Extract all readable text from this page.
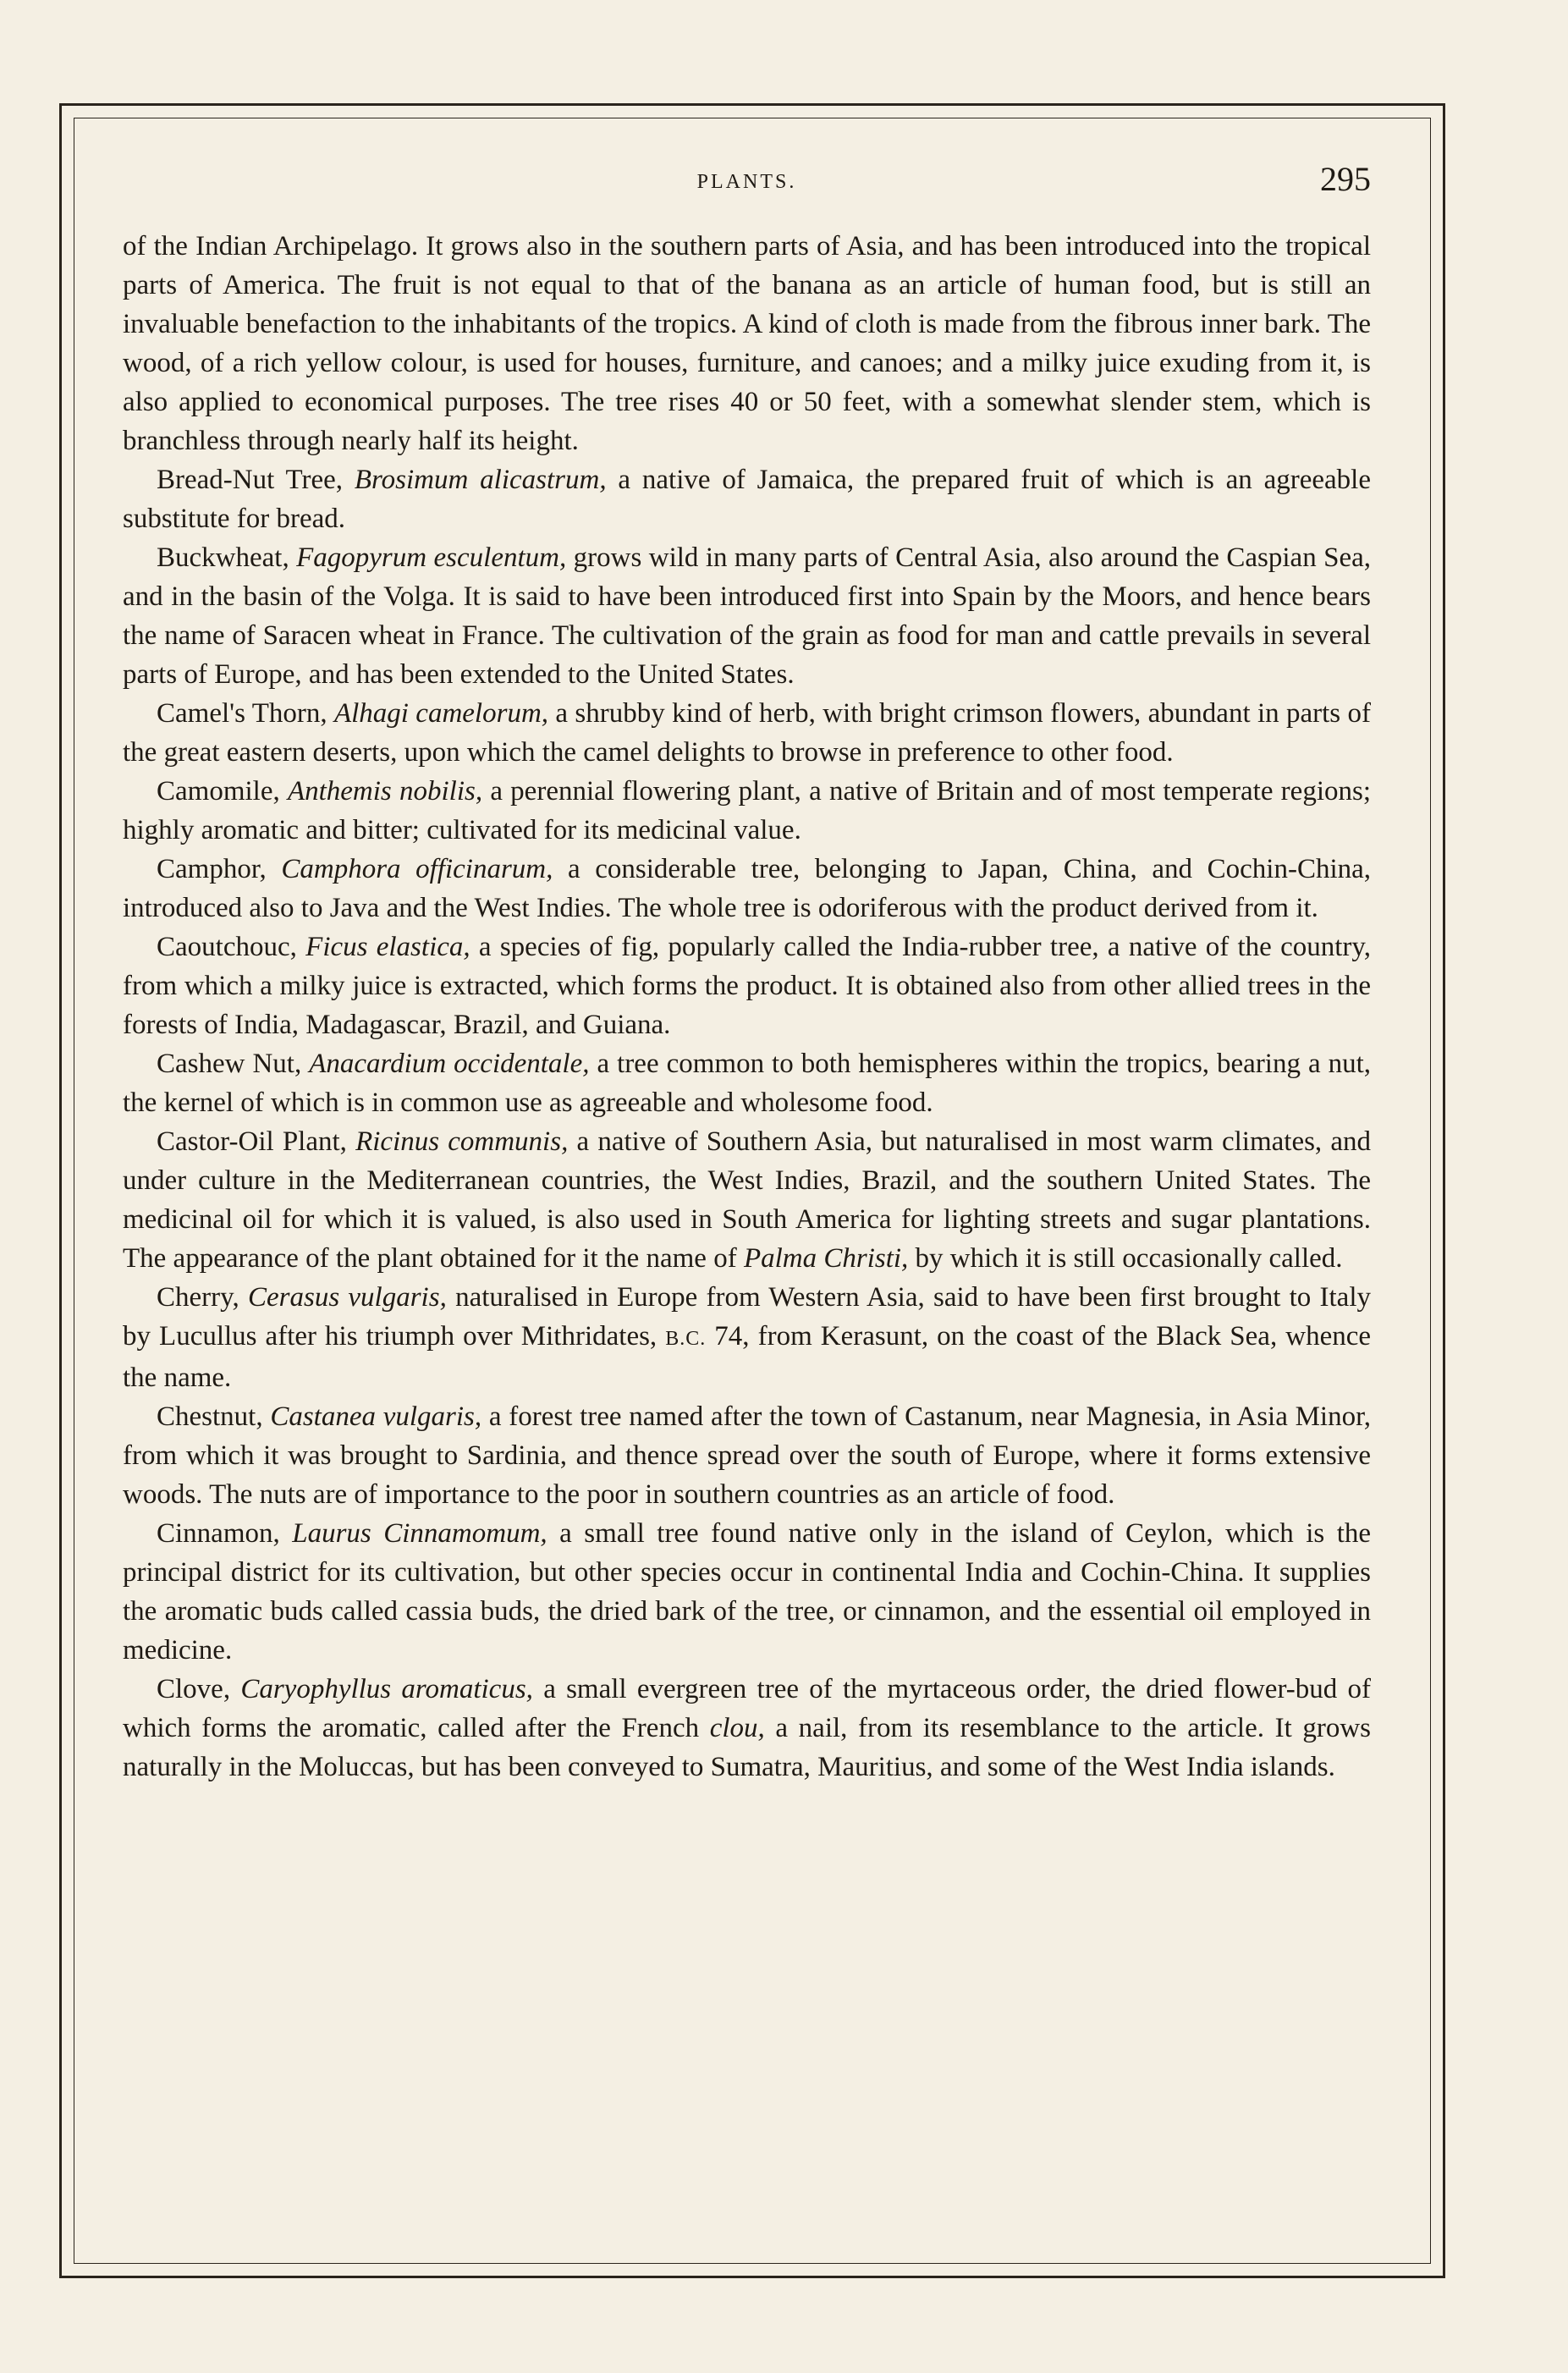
PLANTS.	295

of the Indian Archipelago. It grows also in the southern parts of Asia, and has been introduced into the tropical parts of America. The fruit is not equal to that of the banana as an article of human food, but is still an invaluable benefaction to the inhabitants of the tropics. A kind of cloth is made from the fibrous inner bark. The wood, of a rich yellow colour, is used for houses, furniture, and canoes; and a milky juice exuding from it, is also applied to economical purposes. The tree rises 40 or 50 feet, with a somewhat slender stem, which is branchless through nearly half its height.

Bread-Nut Tree, Brosimum alicastrum, a native of Jamaica, the prepared fruit of which is an agreeable substitute for bread.

Buckwheat, Fagopyrum esculentum, grows wild in many parts of Central Asia, also around the Caspian Sea, and in the basin of the Volga. It is said to have been introduced first into Spain by the Moors, and hence bears the name of Saracen wheat in France. The cultivation of the grain as food for man and cattle prevails in several parts of Europe, and has been extended to the United States.

Camel's Thorn, Alhagi camelorum, a shrubby kind of herb, with bright crimson flowers, abundant in parts of the great eastern deserts, upon which the camel delights to browse in preference to other food.

Camomile, Anthemis nobilis, a perennial flowering plant, a native of Britain and of most temperate regions; highly aromatic and bitter; cultivated for its medicinal value.

Camphor, Camphora officinarum, a considerable tree, belonging to Japan, China, and Cochin-China, introduced also to Java and the West Indies. The whole tree is odoriferous with the product derived from it.

Caoutchouc, Ficus elastica, a species of fig, popularly called the India-rubber tree, a native of the country, from which a milky juice is extracted, which forms the product. It is obtained also from other allied trees in the forests of India, Madagascar, Brazil, and Guiana.

Cashew Nut, Anacardium occidentale, a tree common to both hemispheres within the tropics, bearing a nut, the kernel of which is in common use as agreeable and wholesome food.

Castor-Oil Plant, Ricinus communis, a native of Southern Asia, but naturalised in most warm climates, and under culture in the Mediterranean countries, the West Indies, Brazil, and the southern United States. The medicinal oil for which it is valued, is also used in South America for lighting streets and sugar plantations. The appearance of the plant obtained for it the name of Palma Christi, by which it is still occasionally called.

Cherry, Cerasus vulgaris, naturalised in Europe from Western Asia, said to have been first brought to Italy by Lucullus after his triumph over Mithridates, B.C. 74, from Kerasunt, on the coast of the Black Sea, whence the name.

Chestnut, Castanea vulgaris, a forest tree named after the town of Castanum, near Magnesia, in Asia Minor, from which it was brought to Sardinia, and thence spread over the south of Europe, where it forms extensive woods. The nuts are of importance to the poor in southern countries as an article of food.

Cinnamon, Laurus Cinnamomum, a small tree found native only in the island of Ceylon, which is the principal district for its cultivation, but other species occur in continental India and Cochin-China. It supplies the aromatic buds called cassia buds, the dried bark of the tree, or cinnamon, and the essential oil employed in medicine.

Clove, Caryophyllus aromaticus, a small evergreen tree of the myrtaceous order, the dried flower-bud of which forms the aromatic, called after the French clou, a nail, from its resemblance to the article. It grows naturally in the Moluccas, but has been conveyed to Sumatra, Mauritius, and some of the West India islands.
